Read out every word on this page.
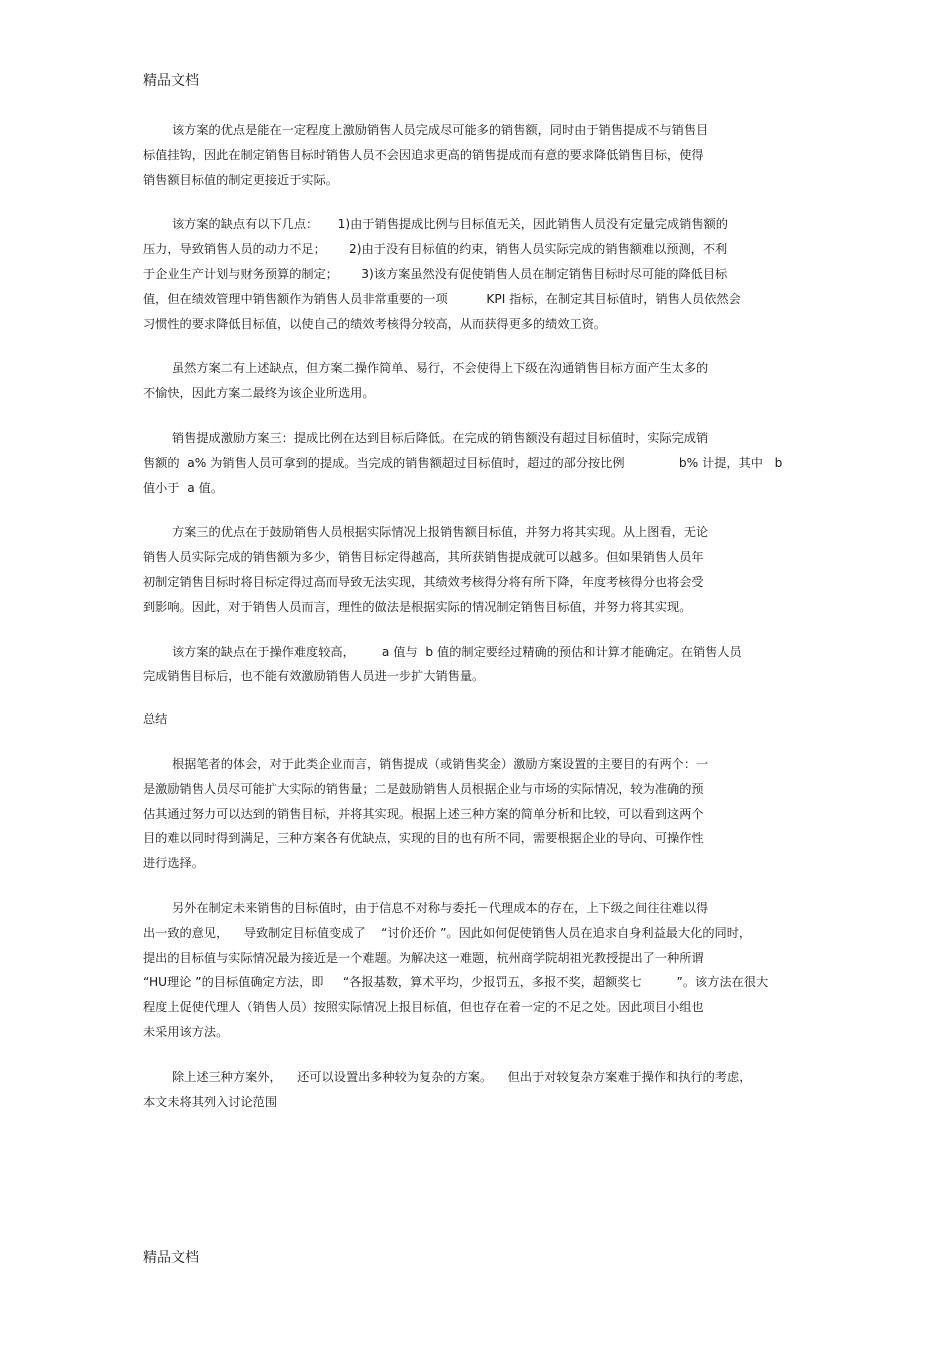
精品文档

该方案的优点是能在一定程度上激励销售人员完成尽可能多的销售额，同时由于销售提成不与销售目
标值挂钩，因此在制定销售目标时销售人员不会因追求更高的销售提成而有意的要求降低销售目标，使得
销售额目标值的制定更接近于实际。

该方案的缺点有以下几点：     1)由于销售提成比例与目标值无关，因此销售人员没有定量完成销售额的
压力，导致销售人员的动力不足；      2)由于没有目标值的约束，销售人员实际完成的销售额难以预测，不利
于企业生产计划与财务预算的制定；      3)该方案虽然没有促使销售人员在制定销售目标时尽可能的降低目标
值，但在绩效管理中销售额作为销售人员非常重要的一项          KPI 指标，在制定其目标值时，销售人员依然会
习惯性的要求降低目标值，以使自己的绩效考核得分较高，从而获得更多的绩效工资。

虽然方案二有上述缺点，但方案二操作简单、易行，不会使得上下级在沟通销售目标方面产生太多的
不愉快，因此方案二最终为该企业所选用。

销售提成激励方案三：提成比例在达到目标后降低。在完成的销售额没有超过目标值时，实际完成销
售额的  a% 为销售人员可拿到的提成。当完成的销售额超过目标值时，超过的部分按比例              b% 计提，其中   b
值小于  a 值。

方案三的优点在于鼓励销售人员根据实际情况上报销售额目标值，并努力将其实现。从上图看，无论
销售人员实际完成的销售额为多少，销售目标定得越高，其所获销售提成就可以越多。但如果销售人员年
初制定销售目标时将目标定得过高而导致无法实现，其绩效考核得分将有所下降，年度考核得分也将会受
到影响。因此，对于销售人员而言，理性的做法是根据实际的情况制定销售目标值，并努力将其实现。

该方案的缺点在于操作难度较高，       a 值与  b 值的制定要经过精确的预估和计算才能确定。在销售人员
完成销售目标后，也不能有效激励销售人员进一步扩大销售量。

总结

根据笔者的体会，对于此类企业而言，销售提成（或销售奖金）激励方案设置的主要目的有两个：一
是激励销售人员尽可能扩大实际的销售量；二是鼓励销售人员根据企业与市场的实际情况，较为准确的预
估其通过努力可以达到的销售目标，并将其实现。根据上述三种方案的简单分析和比较，可以看到这两个
目的难以同时得到满足，三种方案各有优缺点，实现的目的也有所不同，需要根据企业的导向、可操作性
进行选择。

另外在制定未来销售的目标值时，由于信息不对称与委托－代理成本的存在，上下级之间往往难以得
出一致的意见，    导致制定目标值变成了    “讨价还价 ”。因此如何促使销售人员在追求自身利益最大化的同时，
提出的目标值与实际情况最为接近是一个难题。为解决这一难题，杭州商学院胡祖光教授提出了一种所谓
“HU理论 ”的目标值确定方法，即     “各报基数，算术平均，少报罚五，多报不奖，超额奖七         ”。该方法在很大
程度上促使代理人（销售人员）按照实际情况上报目标值，但也存在着一定的不足之处。因此项目小组也
未采用该方法。

除上述三种方案外，    还可以设置出多种较为复杂的方案。    但出于对较复杂方案难于操作和执行的考虑，
本文未将其列入讨论范围

精品文档
